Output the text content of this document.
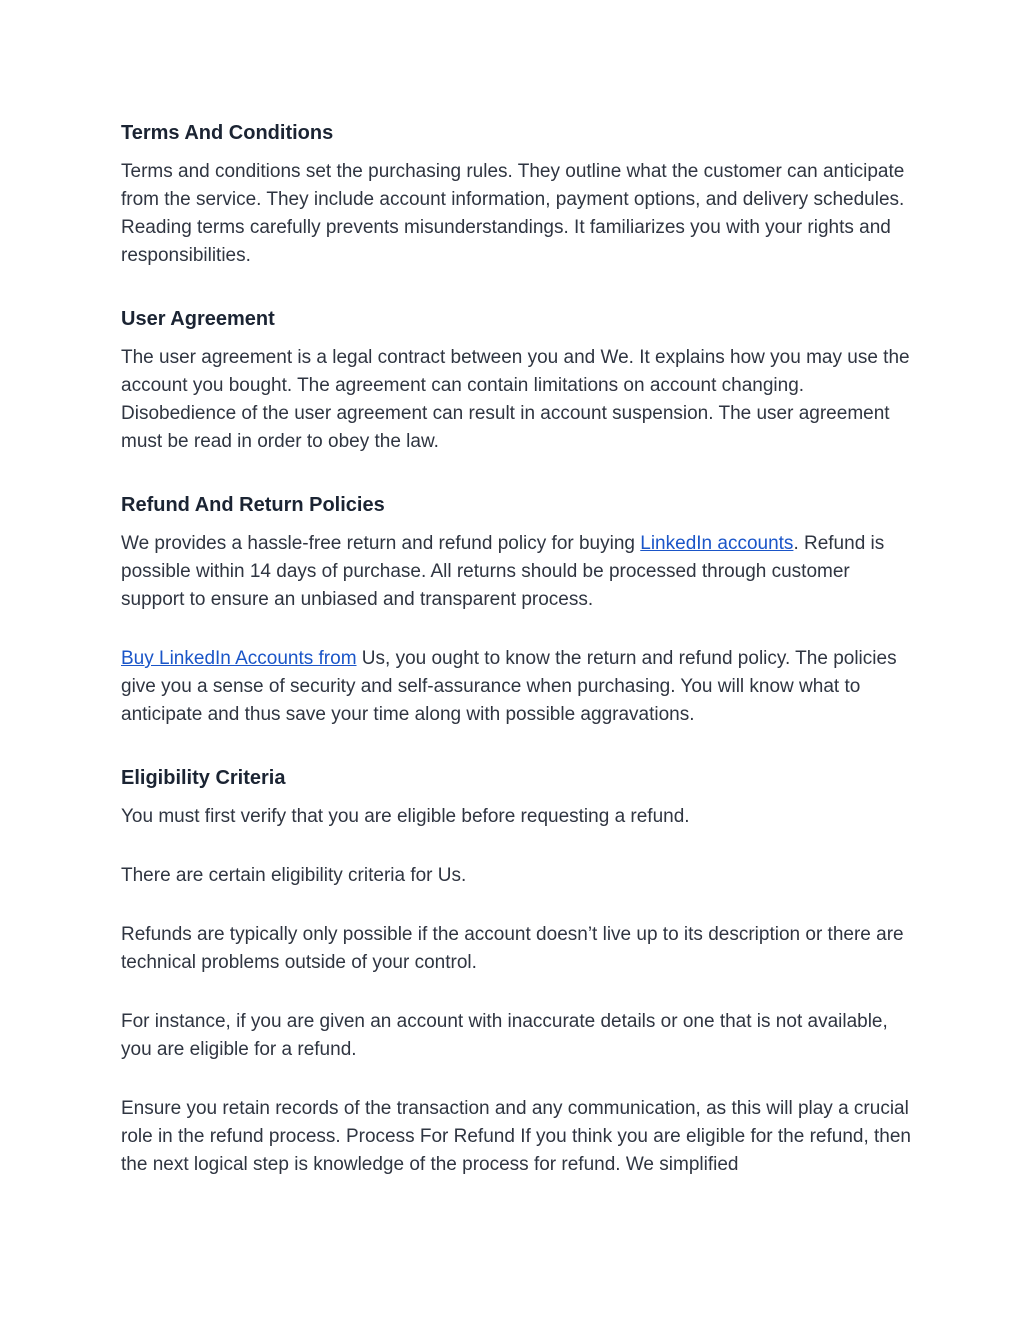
Terms And Conditions

Terms and conditions set the purchasing rules. They outline what the customer can anticipate from the service. They include account information, payment options, and delivery schedules. Reading terms carefully prevents misunderstandings. It familiarizes you with your rights and responsibilities.

User Agreement

The user agreement is a legal contract between you and We. It explains how you may use the account you bought. The agreement can contain limitations on account changing. Disobedience of the user agreement can result in account suspension. The user agreement must be read in order to obey the law.

Refund And Return Policies

We provides a hassle-free return and refund policy for buying LinkedIn accounts. Refund is possible within 14 days of purchase. All returns should be processed through customer support to ensure an unbiased and transparent process.

Buy LinkedIn Accounts from Us, you ought to know the return and refund policy. The policies give you a sense of security and self-assurance when purchasing. You will know what to anticipate and thus save your time along with possible aggravations.

Eligibility Criteria

You must first verify that you are eligible before requesting a refund.

There are certain eligibility criteria for Us.

Refunds are typically only possible if the account doesn’t live up to its description or there are technical problems outside of your control.

For instance, if you are given an account with inaccurate details or one that is not available, you are eligible for a refund.

Ensure you retain records of the transaction and any communication, as this will play a crucial role in the refund process. Process For Refund If you think you are eligible for the refund, then the next logical step is knowledge of the process for refund. We simplified
